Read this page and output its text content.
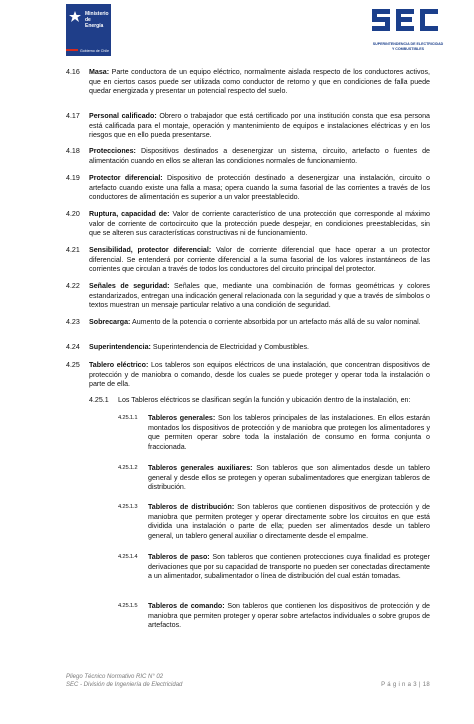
Ministerio de
Energía
Gobierno de Chile
SUPERINTENDENCIA DE ELECTRICIDAD
Y COMBUSTIBLES
4.16 Masa: Parte conductora de un equipo eléctrico, normalmente aislada respecto de los conductores activos, que en ciertos casos puede ser utilizada como conductor de retorno y que en condiciones de falla puede quedar energizada y presentar un potencial respecto del suelo.
4.17 Personal calificado: Obrero o trabajador que está certificado por una institución consta que esa persona está calificada para el montaje, operación y mantenimiento de equipos e instalaciones eléctricas y en los riesgos que en ello pueda presentarse.
4.18 Protecciones: Dispositivos destinados a desenergizar un sistema, circuito, artefacto o fuentes de alimentación cuando en ellos se alteran las condiciones normales de funcionamiento.
4.19 Protector diferencial: Dispositivo de protección destinado a desenergizar una instalación, circuito o artefacto cuando existe una falla a masa; opera cuando la suma fasorial de las corrientes a través de los conductores de alimentación es superior a un valor preestablecido.
4.20 Ruptura, capacidad de: Valor de corriente característico de una protección que corresponde al máximo valor de corriente de cortocircuito que la protección puede despejar, en condiciones preestablecidas, sin que se alteren sus características constructivas ni de funcionamiento.
4.21 Sensibilidad, protector diferencial: Valor de corriente diferencial que hace operar a un protector diferencial. Se entenderá por corriente diferencial a la suma fasorial de los valores instantáneos de las corrientes que circulan a través de todos los conductores del circuito principal del protector.
4.22 Señales de seguridad: Señales que, mediante una combinación de formas geométricas y colores estandarizados, entregan una indicación general relacionada con la seguridad y que a través de símbolos o textos muestran un mensaje particular relativo a una condición de seguridad.
4.23 Sobrecarga: Aumento de la potencia o corriente absorbida por un artefacto más allá de su valor nominal.
4.24 Superintendencia: Superintendencia de Electricidad y Combustibles.
4.25 Tablero eléctrico: Los tableros son equipos eléctricos de una instalación, que concentran dispositivos de protección y de maniobra o comando, desde los cuales se puede proteger y operar toda la instalación o parte de ella.
4.25.1 Los Tableros eléctricos se clasifican según la función y ubicación dentro de la instalación, en:
4.25.1.1 Tableros generales: Son los tableros principales de las instalaciones. En ellos estarán montados los dispositivos de protección y de maniobra que protegen los alimentadores y que permiten operar sobre toda la instalación de consumo en forma conjunta o fraccionada.
4.25.1.2 Tableros generales auxiliares: Son tableros que son alimentados desde un tablero general y desde ellos se protegen y operan subalimentadores que energizan tableros de distribución.
4.25.1.3 Tableros de distribución: Son tableros que contienen dispositivos de protección y de maniobra que permiten proteger y operar directamente sobre los circuitos en que está dividida una instalación o parte de ella; pueden ser alimentados desde un tablero general, un tablero general auxiliar o directamente desde el empalme.
4.25.1.4 Tableros de paso: Son tableros que contienen protecciones cuya finalidad es proteger derivaciones que por su capacidad de transporte no pueden ser conectadas directamente a un alimentador, subalimentador o línea de distribución del cual están tomadas.
4.25.1.5 Tableros de comando: Son tableros que contienen los dispositivos de protección y de maniobra que permiten proteger y operar sobre artefactos individuales o sobre grupos de artefactos.
Pliego Técnico Normativo RIC N° 02
SEC - División de Ingeniería de Electricidad	P á g i n a 3 | 18
